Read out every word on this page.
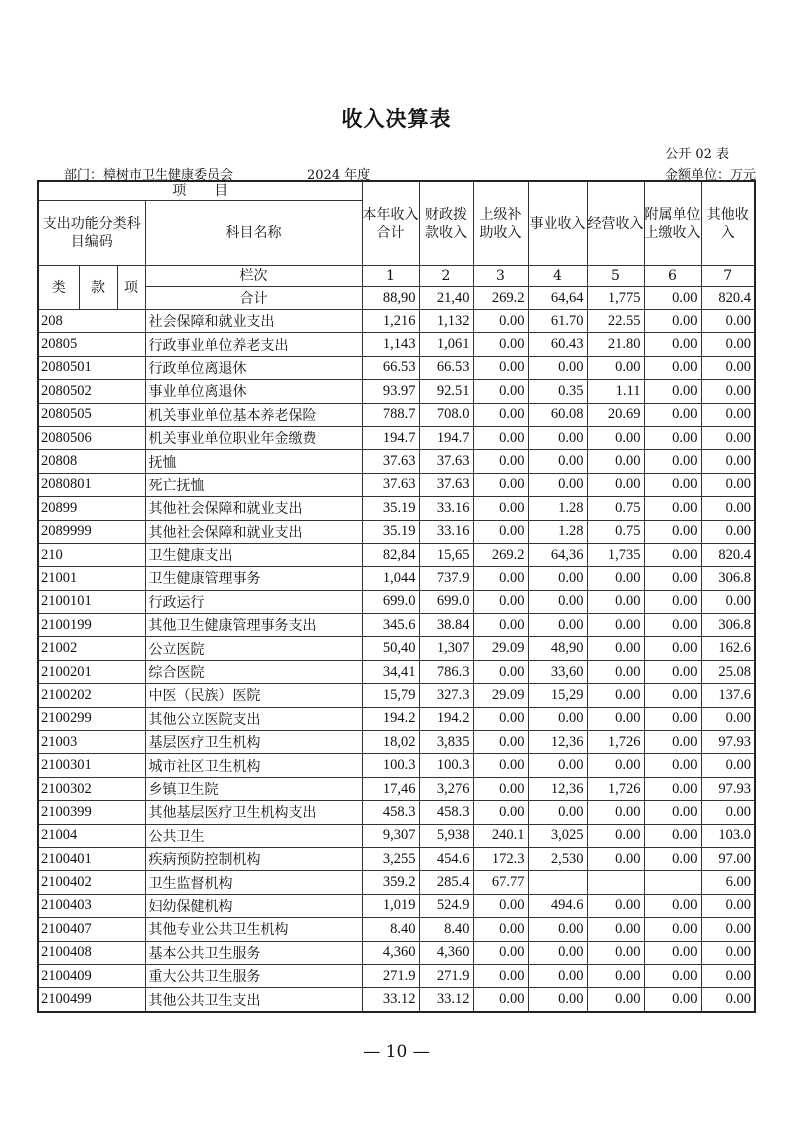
收入决算表
公开 02 表
部门：樟树市卫生健康委员会	2024 年度	金额单位：万元
项　　目				本年收入合计	财政拨款收入	上级补助收入	事业收入	经营收入	附属单位上缴收入	其他收入
支出功能分类科目编码			科目名称							
类	款	项	栏次	1	2	3	4	5	6	7
			合计	88,90	21,40	269.2	64,64	1,775	0.00	820.4
208			社会保障和就业支出	1,216	1,132	0.00	61.70	22.55	0.00	0.00
20805			行政事业单位养老支出	1,143	1,061	0.00	60.43	21.80	0.00	0.00
2080501			行政单位离退休	66.53	66.53	0.00	0.00	0.00	0.00	0.00
2080502			事业单位离退休	93.97	92.51	0.00	0.35	1.11	0.00	0.00
2080505			机关事业单位基本养老保险	788.7	708.0	0.00	60.08	20.69	0.00	0.00
2080506			机关事业单位职业年金缴费	194.7	194.7	0.00	0.00	0.00	0.00	0.00
20808			抚恤	37.63	37.63	0.00	0.00	0.00	0.00	0.00
2080801			死亡抚恤	37.63	37.63	0.00	0.00	0.00	0.00	0.00
20899			其他社会保障和就业支出	35.19	33.16	0.00	1.28	0.75	0.00	0.00
2089999			其他社会保障和就业支出	35.19	33.16	0.00	1.28	0.75	0.00	0.00
210			卫生健康支出	82,84	15,65	269.2	64,36	1,735	0.00	820.4
21001			卫生健康管理事务	1,044	737.9	0.00	0.00	0.00	0.00	306.8
2100101			行政运行	699.0	699.0	0.00	0.00	0.00	0.00	0.00
2100199			其他卫生健康管理事务支出	345.6	38.84	0.00	0.00	0.00	0.00	306.8
21002			公立医院	50,40	1,307	29.09	48,90	0.00	0.00	162.6
2100201			综合医院	34,41	786.3	0.00	33,60	0.00	0.00	25.08
2100202			中医（民族）医院	15,79	327.3	29.09	15,29	0.00	0.00	137.6
2100299			其他公立医院支出	194.2	194.2	0.00	0.00	0.00	0.00	0.00
21003			基层医疗卫生机构	18,02	3,835	0.00	12,36	1,726	0.00	97.93
2100301			城市社区卫生机构	100.3	100.3	0.00	0.00	0.00	0.00	0.00
2100302			乡镇卫生院	17,46	3,276	0.00	12,36	1,726	0.00	97.93
2100399			其他基层医疗卫生机构支出	458.3	458.3	0.00	0.00	0.00	0.00	0.00
21004			公共卫生	9,307	5,938	240.1	3,025	0.00	0.00	103.0
2100401			疾病预防控制机构	3,255	454.6	172.3	2,530	0.00	0.00	97.00
2100402			卫生监督机构	359.2	285.4	67.77				6.00
2100403			妇幼保健机构	1,019	524.9	0.00	494.6	0.00	0.00	0.00
2100407			其他专业公共卫生机构	8.40	8.40	0.00	0.00	0.00	0.00	0.00
2100408			基本公共卫生服务	4,360	4,360	0.00	0.00	0.00	0.00	0.00
2100409			重大公共卫生服务	271.9	271.9	0.00	0.00	0.00	0.00	0.00
2100499			其他公共卫生支出	33.12	33.12	0.00	0.00	0.00	0.00	0.00
— 10 —
